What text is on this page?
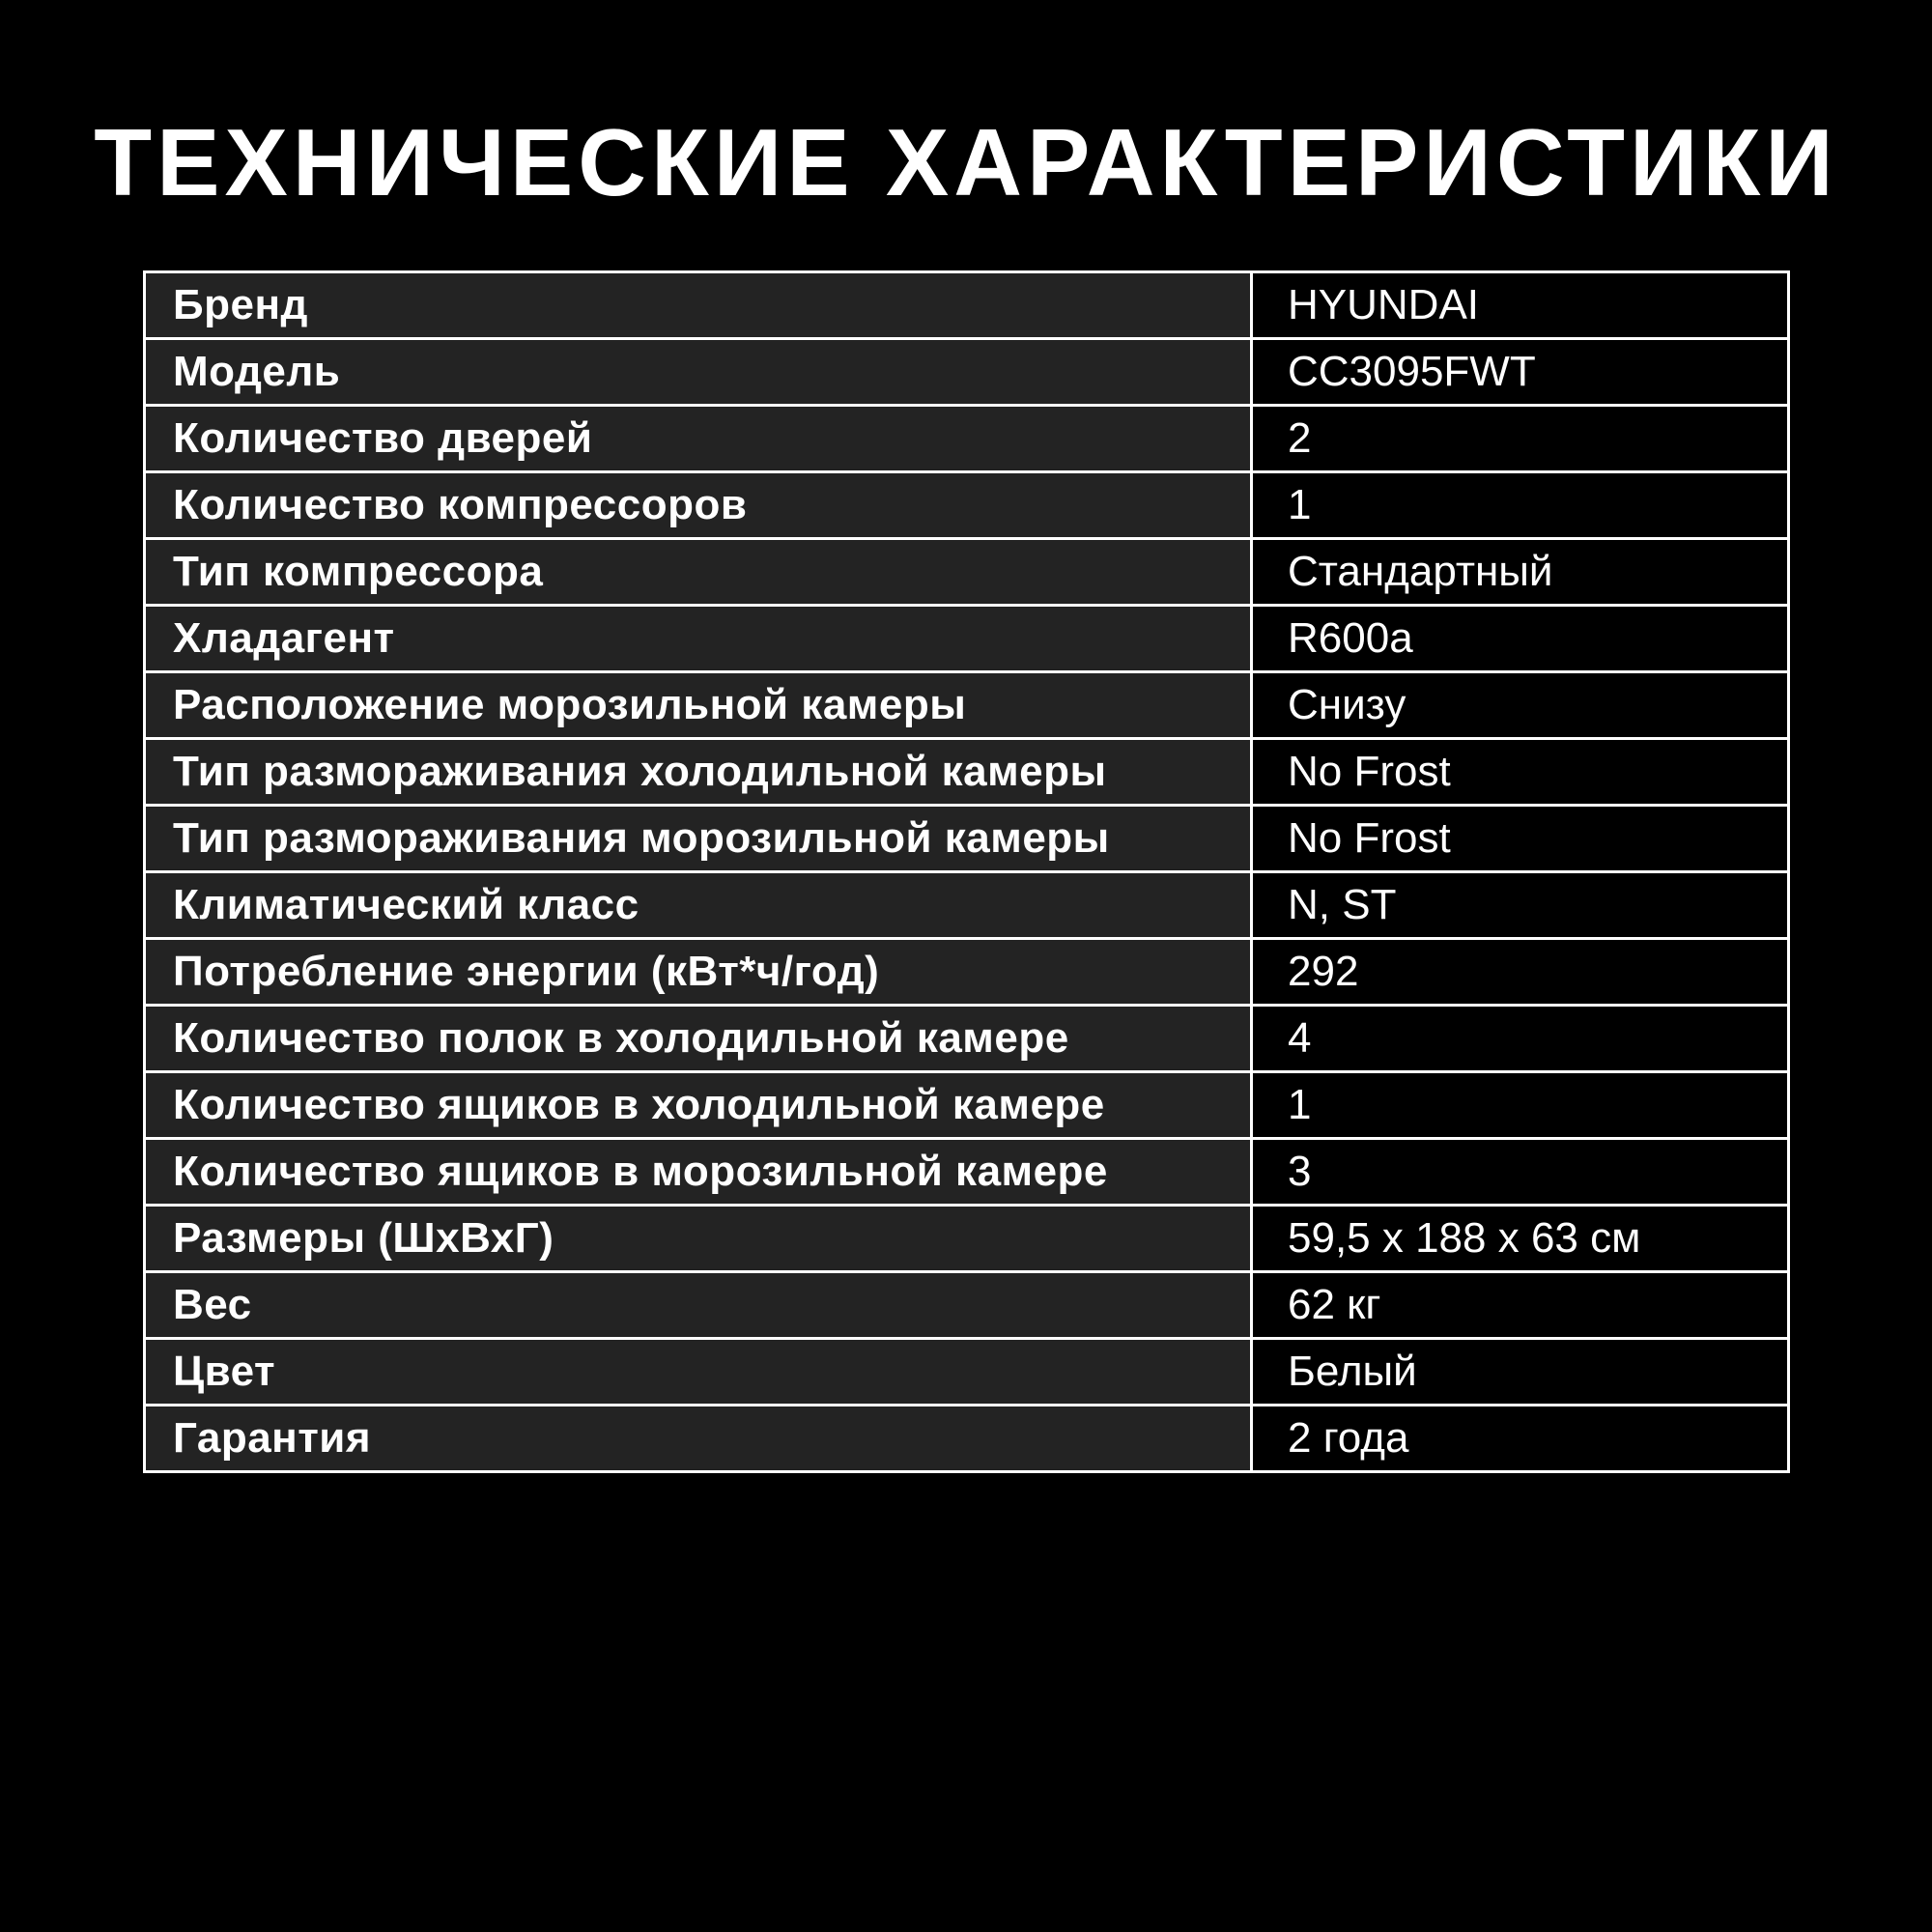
ТЕХНИЧЕСКИЕ ХАРАКТЕРИСТИКИ
Бренд	HYUNDAI
Модель	CC3095FWT
Количество дверей	2
Количество компрессоров	1
Тип компрессора	Стандартный
Хладагент	R600a
Расположение морозильной камеры	Снизу
Тип размораживания холодильной камеры	No Frost
Тип размораживания морозильной камеры	No Frost
Климатический класс	N, ST
Потребление энергии (кВт*ч/год)	292
Количество полок в холодильной камере	4
Количество ящиков в холодильной камере	1
Количество ящиков в морозильной камере	3
Размеры (ШхВхГ)	59,5 x 188 x 63 см
Вес	62 кг
Цвет	Белый
Гарантия	2 года
